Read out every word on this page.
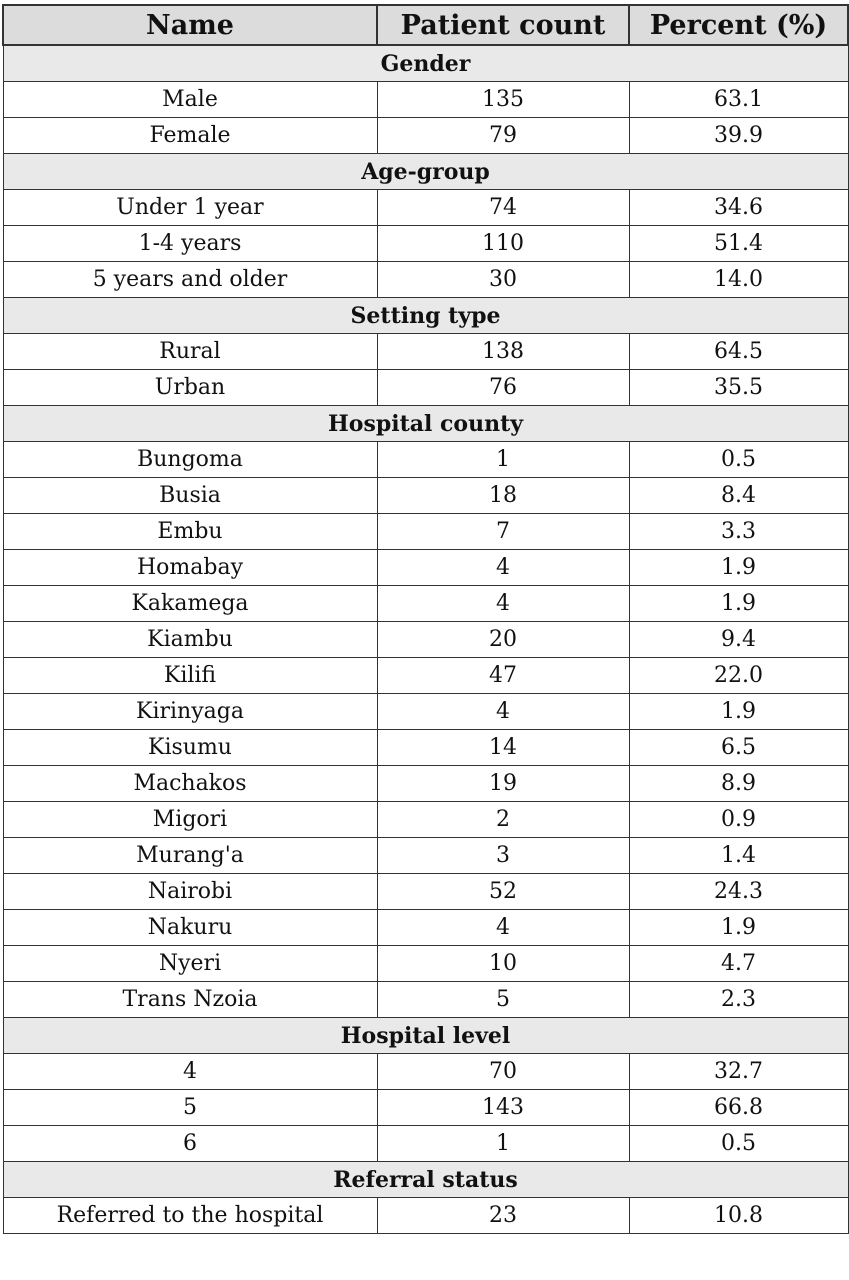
Name	Patient count	Percent (%)
Gender		
Male	135	63.1
Female	79	39.9
Age-group		
Under 1 year	74	34.6
1-4 years	110	51.4
5 years and older	30	14.0
Setting type		
Rural	138	64.5
Urban	76	35.5
Hospital county		
Bungoma	1	0.5
Busia	18	8.4
Embu	7	3.3
Homabay	4	1.9
Kakamega	4	1.9
Kiambu	20	9.4
Kilifi	47	22.0
Kirinyaga	4	1.9
Kisumu	14	6.5
Machakos	19	8.9
Migori	2	0.9
Murang'a	3	1.4
Nairobi	52	24.3
Nakuru	4	1.9
Nyeri	10	4.7
Trans Nzoia	5	2.3
Hospital level		
4	70	32.7
5	143	66.8
6	1	0.5
Referral status		
Referred to the hospital	23	10.8
